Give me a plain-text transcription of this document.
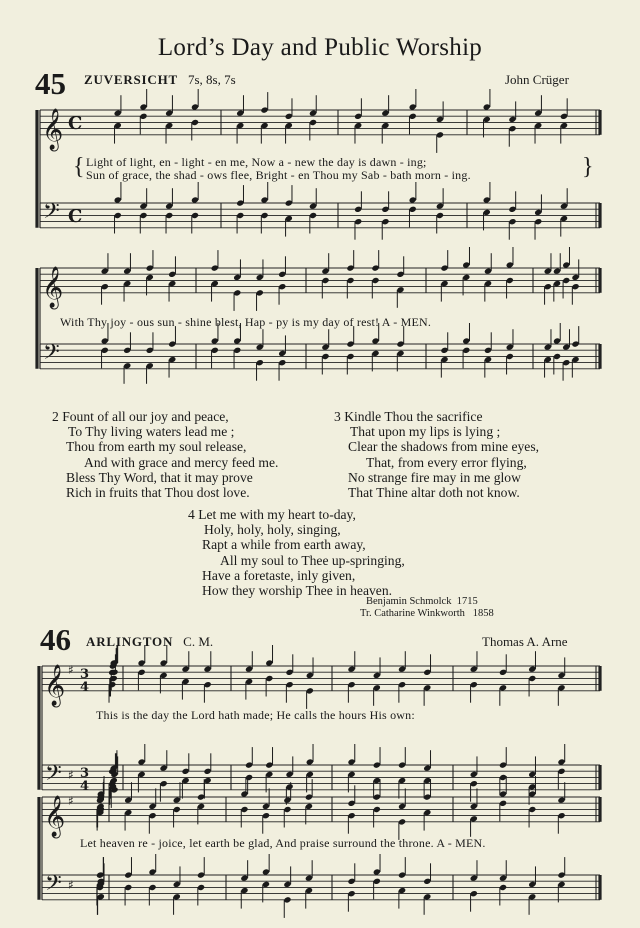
Lord’s Day and Public Worship
𝄞 C
𝄢 C
𝄞
𝄢
𝄞 ♯ 3
4
𝄢 ♯ 3
4
𝄞 ♯
𝄢 ♯
45 ZUVERSICHT 7s, 8s, 7s	John Crüger
{ Light of light, en - light - en me, Now a - new the day is dawn - ing;
Sun of grace, the shad - ows flee, Bright - en Thou my Sab - bath morn - ing.	}
With Thy joy - ous sun - shine blest, Hap - py is my day of rest! A - MEN.
2 Fount of all our joy and peace,
To Thy living waters lead me ;
Thou from earth my soul release,
And with grace and mercy feed me.
Bless Thy Word, that it may prove
Rich in fruits that Thou dost love.
3 Kindle Thou the sacrifice
That upon my lips is lying ;
Clear the shadows from mine eyes,
That, from every error flying,
No strange fire may in me glow
That Thine altar doth not know.
4 Let me with my heart to-day,
Holy, holy, holy, singing,
Rapt a while from earth away,
All my soul to Thee up-springing,
Have a foretaste, inly given,
How they worship Thee in heaven.
Benjamin Schmolck 1715
Tr. Catharine Winkworth 1858
46 ARLINGTON C. M.	Thomas A. Arne
This is the day the Lord hath made; He calls the hours His own:
Let heaven re - joice, let earth be glad, And praise surround the throne. A - MEN.
